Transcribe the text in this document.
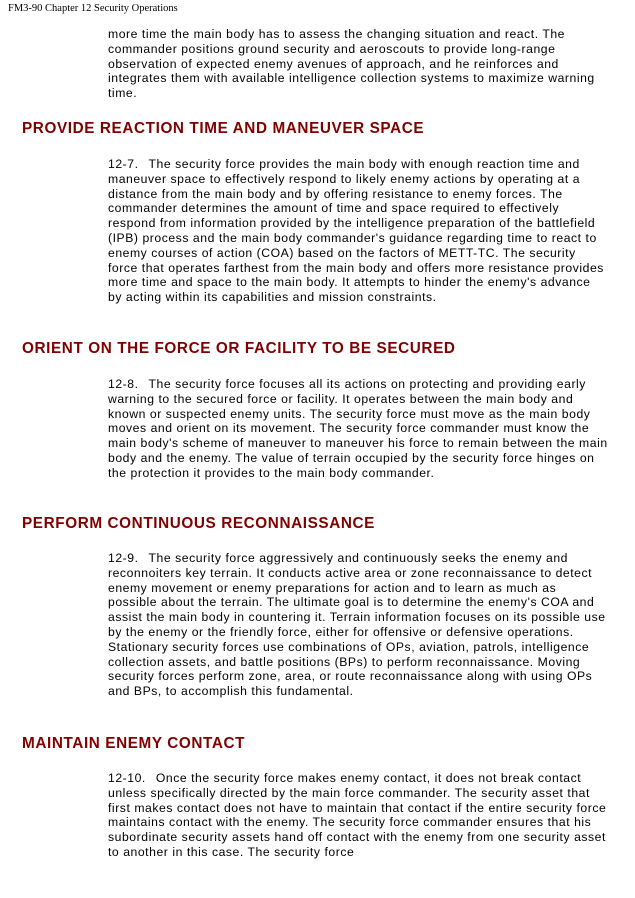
FM3-90 Chapter 12 Security Operations

more time the main body has to assess the changing situation and react. The commander positions ground security and aeroscouts to provide long-range observation of expected enemy avenues of approach, and he reinforces and integrates them with available intelligence collection systems to maximize warning time.

PROVIDE REACTION TIME AND MANEUVER SPACE

12-7. The security force provides the main body with enough reaction time and maneuver space to effectively respond to likely enemy actions by operating at a distance from the main body and by offering resistance to enemy forces. The commander determines the amount of time and space required to effectively respond from information provided by the intelligence preparation of the battlefield (IPB) process and the main body commander's guidance regarding time to react to enemy courses of action (COA) based on the factors of METT-TC. The security force that operates farthest from the main body and offers more resistance provides more time and space to the main body. It attempts to hinder the enemy's advance by acting within its capabilities and mission constraints.

ORIENT ON THE FORCE OR FACILITY TO BE SECURED

12-8. The security force focuses all its actions on protecting and providing early warning to the secured force or facility. It operates between the main body and known or suspected enemy units. The security force must move as the main body moves and orient on its movement. The security force commander must know the main body's scheme of maneuver to maneuver his force to remain between the main body and the enemy. The value of terrain occupied by the security force hinges on the protection it provides to the main body commander.

PERFORM CONTINUOUS RECONNAISSANCE

12-9. The security force aggressively and continuously seeks the enemy and reconnoiters key terrain. It conducts active area or zone reconnaissance to detect enemy movement or enemy preparations for action and to learn as much as possible about the terrain. The ultimate goal is to determine the enemy's COA and assist the main body in countering it. Terrain information focuses on its possible use by the enemy or the friendly force, either for offensive or defensive operations. Stationary security forces use combinations of OPs, aviation, patrols, intelligence collection assets, and battle positions (BPs) to perform reconnaissance. Moving security forces perform zone, area, or route reconnaissance along with using OPs and BPs, to accomplish this fundamental.

MAINTAIN ENEMY CONTACT

12-10. Once the security force makes enemy contact, it does not break contact unless specifically directed by the main force commander. The security asset that first makes contact does not have to maintain that contact if the entire security force maintains contact with the enemy. The security force commander ensures that his subordinate security assets hand off contact with the enemy from one security asset to another in this case. The security force
